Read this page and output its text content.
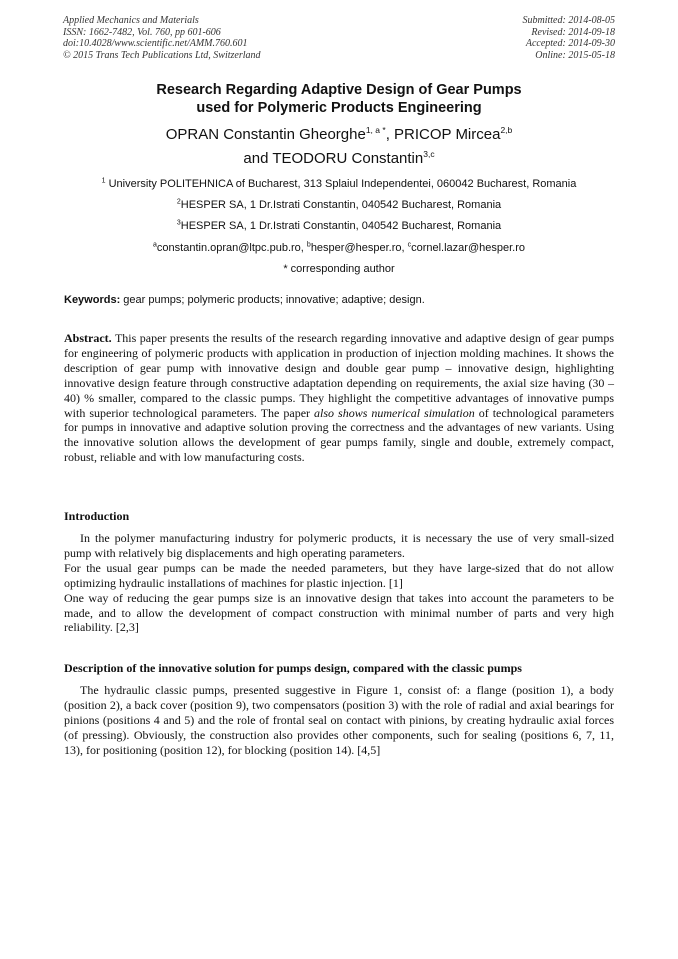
Applied Mechanics and Materials
ISSN: 1662-7482, Vol. 760, pp 601-606
doi:10.4028/www.scientific.net/AMM.760.601
© 2015 Trans Tech Publications Ltd, Switzerland
Submitted: 2014-08-05
Revised: 2014-09-18
Accepted: 2014-09-30
Online: 2015-05-18
Research Regarding Adaptive Design of Gear Pumps
used for Polymeric Products Engineering
OPRAN Constantin Gheorghe$^{1, a *}$, PRICOP Mircea$^{2,b}$
and TEODORU Constantin$^{3,c}$
$^1$ University POLITEHNICA of Bucharest, 313 Splaiul Independentei, 060042 Bucharest, Romania
$^2$HESPER SA, 1 Dr.Istrati Constantin, 040542 Bucharest, Romania
$^3$HESPER SA, 1 Dr.Istrati Constantin, 040542 Bucharest, Romania
$^a$constantin.opran@ltpc.pub.ro, $^b$hesper@hesper.ro, $^c$cornel.lazar@hesper.ro
* corresponding author
Keywords: gear pumps; polymeric products; innovative; adaptive; design.

Abstract. This paper presents the results of the research regarding innovative and adaptive design of gear pumps for engineering of polymeric products with application in production of injection molding machines. It shows the description of gear pump with innovative design and double gear pump – innovative design, highlighting innovative design feature through constructive adaptation depending on requirements, the axial size having (30 – 40) % smaller, compared to the classic pumps. They highlight the competitive advantages of innovative pumps with superior technological parameters. The paper also shows numerical simulation of technological parameters for pumps in innovative and adaptive solution proving the correctness and the advantages of new variants. Using the innovative solution allows the development of gear pumps family, single and double, extremely compact, robust, reliable and with low manufacturing costs.

Introduction

In the polymer manufacturing industry for polymeric products, it is necessary the use of very small-sized pump with relatively big displacements and high operating parameters.

For the usual gear pumps can be made the needed parameters, but they have large-sized that do not allow optimizing hydraulic installations of machines for plastic injection. [1]

One way of reducing the gear pumps size is an innovative design that takes into account the parameters to be made, and to allow the development of compact construction with minimal number of parts and very high reliability. [2,3]

Description of the innovative solution for pumps design, compared with the classic pumps

The hydraulic classic pumps, presented suggestive in Figure 1, consist of: a flange (position 1), a body (position 2), a back cover (position 9), two compensators (position 3) with the role of radial and axial bearings for pinions (positions 4 and 5) and the role of frontal seal on contact with pinions, by creating hydraulic axial forces (of pressing). Obviously, the construction also provides other components, such for sealing (positions 6, 7, 11, 13), for positioning (position 12), for blocking (position 14). [4,5]
